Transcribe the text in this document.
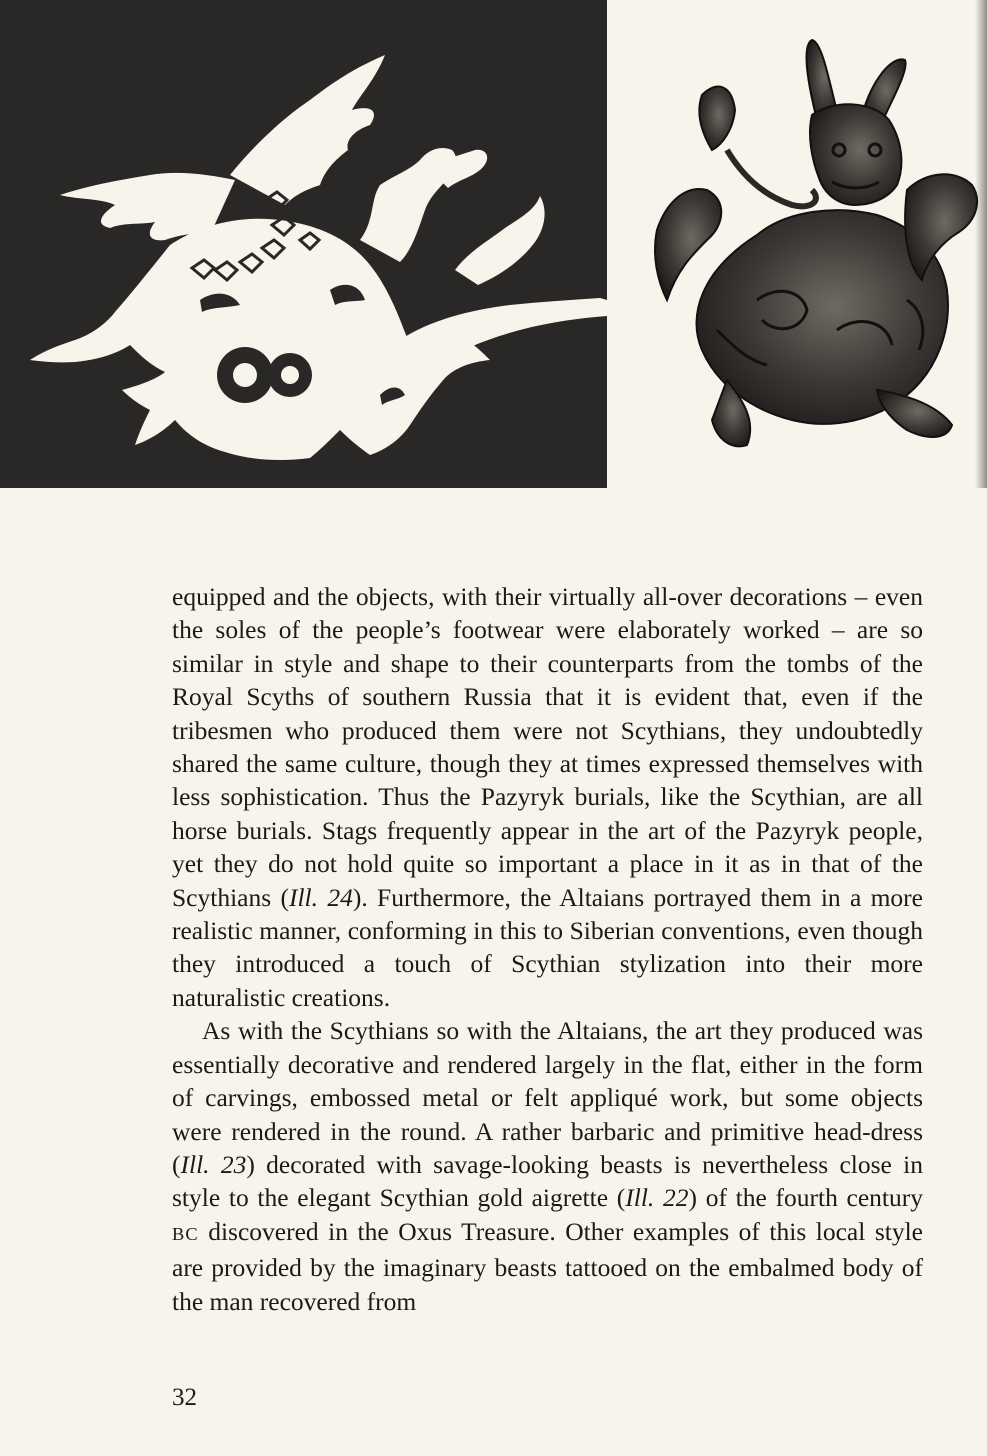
equipped and the objects, with their virtually all-over decorations – even the soles of the people’s footwear were elaborately worked – are so similar in style and shape to their counterparts from the tombs of the Royal Scyths of southern Russia that it is evident that, even if the tribesmen who produced them were not Scythians, they undoubtedly shared the same culture, though they at times expressed themselves with less sophistication. Thus the Pazyryk burials, like the Scythian, are all horse burials. Stags frequently appear in the art of the Pazyryk people, yet they do not hold quite so important a place in it as in that of the Scythians (Ill. 24). Furthermore, the Altaians portrayed them in a more realistic manner, conforming in this to Siberian conventions, even though they introduced a touch of Scythian stylization into their more naturalistic creations.

As with the Scythians so with the Altaians, the art they produced was essentially decorative and rendered largely in the flat, either in the form of carvings, embossed metal or felt appliqué work, but some objects were rendered in the round. A rather barbaric and primitive head-dress (Ill. 23) decorated with savage-looking beasts is nevertheless close in style to the elegant Scythian gold aigrette (Ill. 22) of the fourth century BC discovered in the Oxus Treasure. Other examples of this local style are provided by the imaginary beasts tattooed on the embalmed body of the man recovered from

32
